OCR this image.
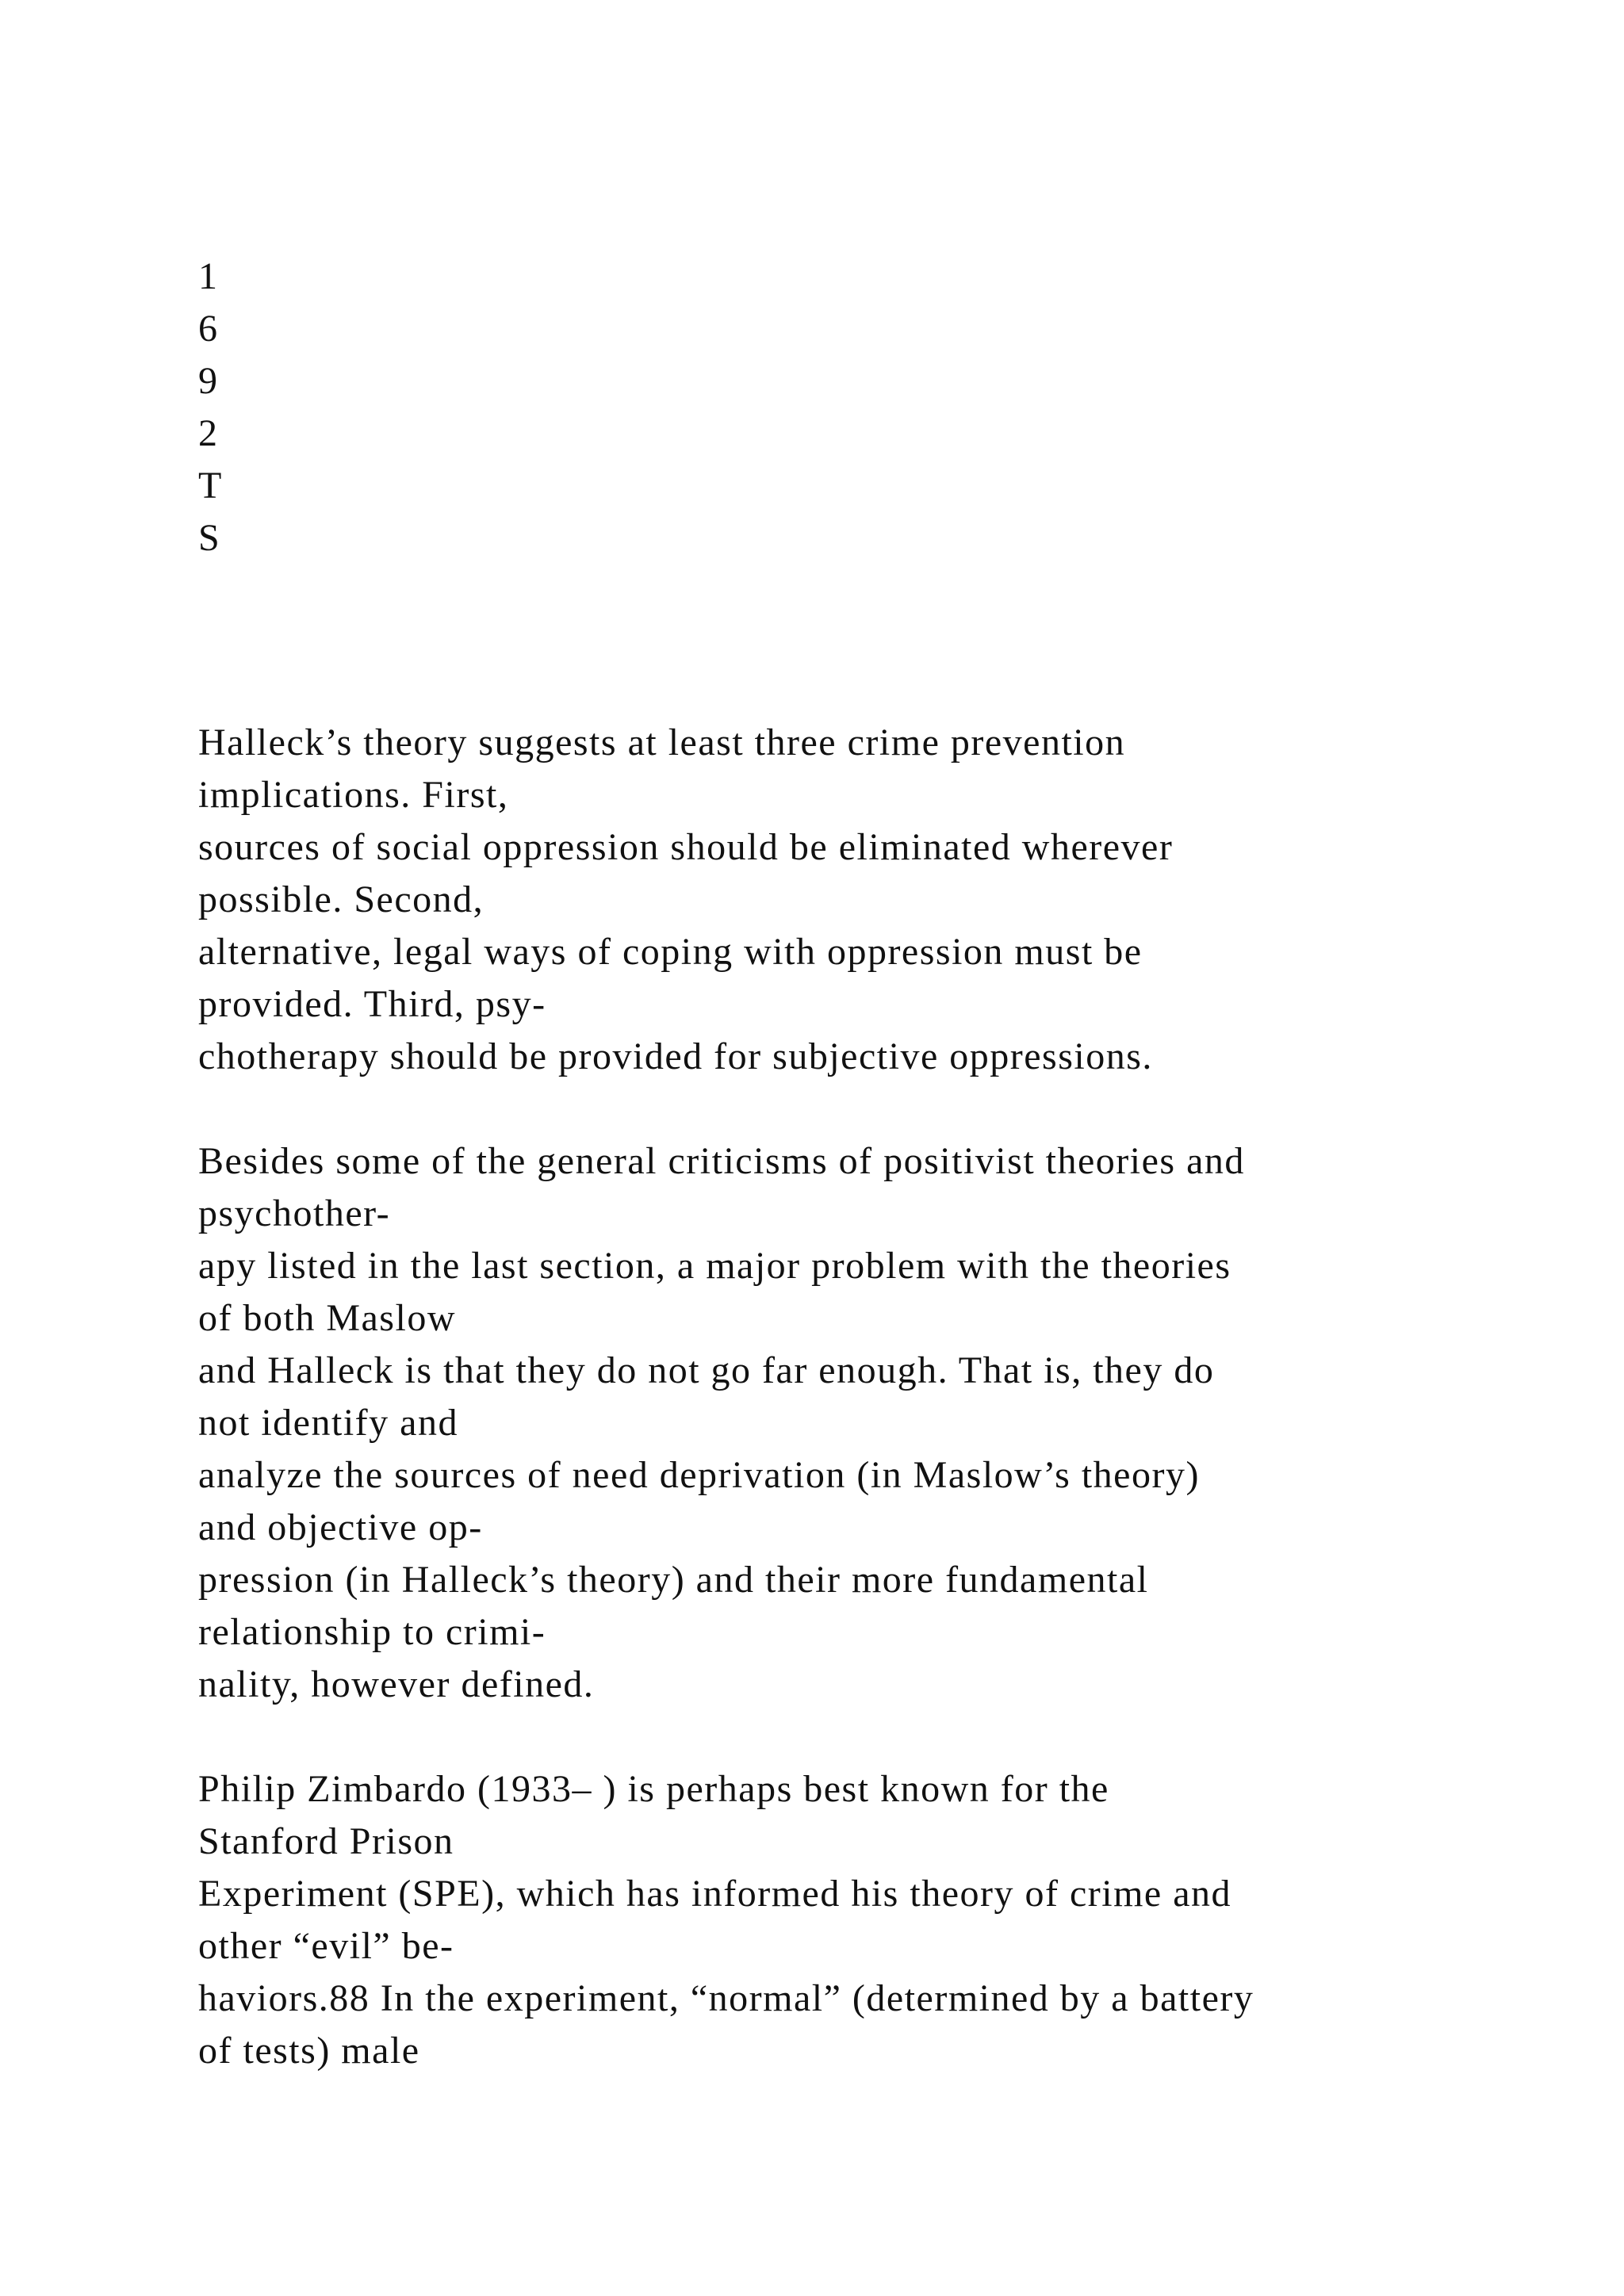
1
6
9
2
T
S
Halleck’s theory suggests at least three crime prevention
implications. First,
sources of social oppression should be eliminated wherever
possible. Second,
alternative, legal ways of coping with oppression must be
provided. Third, psy-
chotherapy should be provided for subjective oppressions.
Besides some of the general criticisms of positivist theories and
psychother-
apy listed in the last section, a major problem with the theories
of both Maslow
and Halleck is that they do not go far enough. That is, they do
not identify and
analyze the sources of need deprivation (in Maslow’s theory)
and objective op-
pression (in Halleck’s theory) and their more fundamental
relationship to crimi-
nality, however defined.
Philip Zimbardo (1933– ) is perhaps best known for the
Stanford Prison
Experiment (SPE), which has informed his theory of crime and
other “evil” be-
haviors.88 In the experiment, “normal” (determined by a battery
of tests) male
